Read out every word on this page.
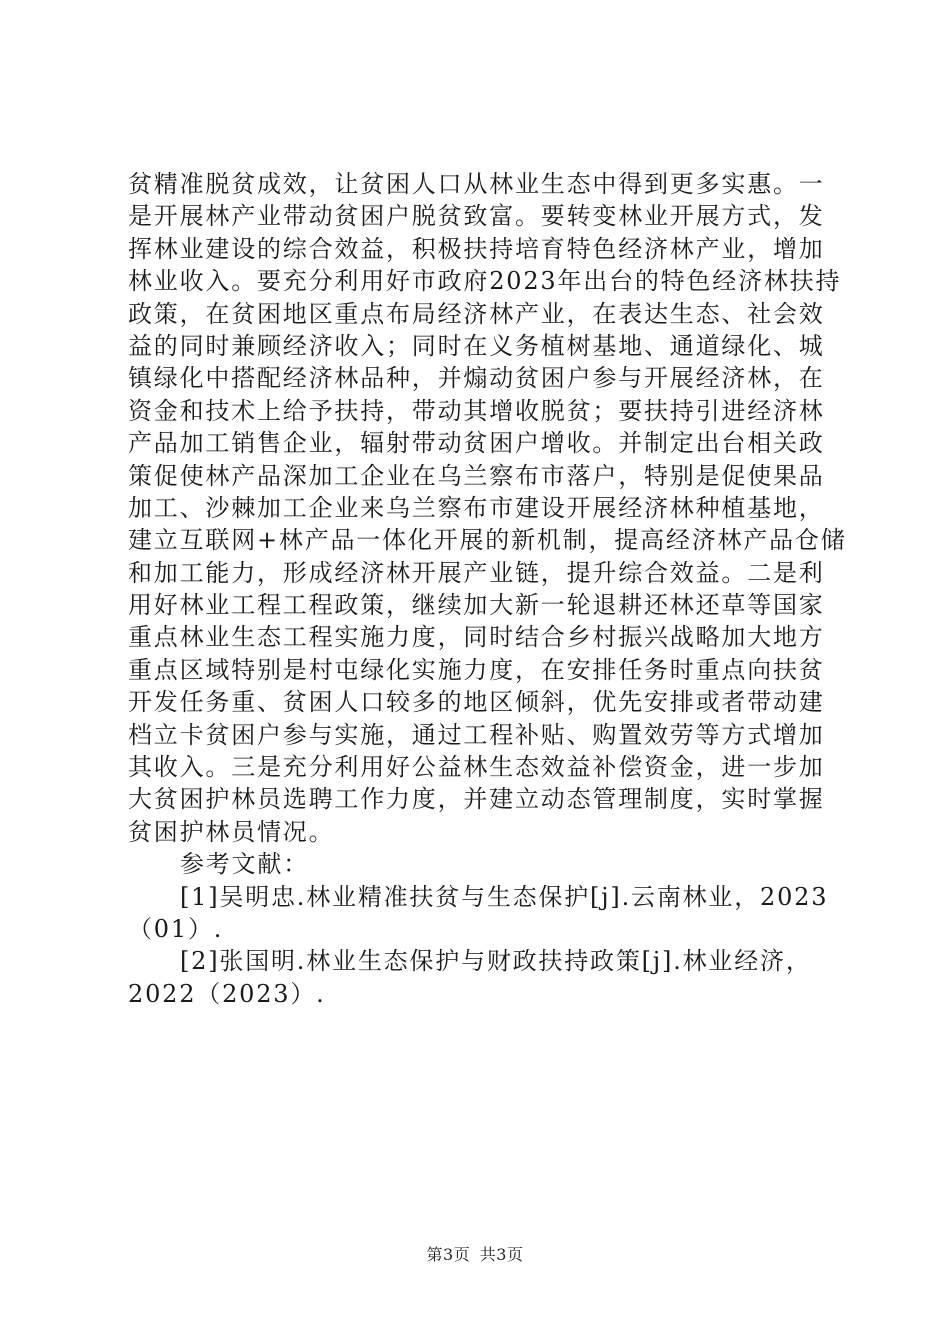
贫精准脱贫成效，让贫困人口从林业生态中得到更多实惠。一
是开展林产业带动贫困户脱贫致富。要转变林业开展方式，发
挥林业建设的综合效益，积极扶持培育特色经济林产业，增加
林业收入。要充分利用好市政府2023年出台的特色经济林扶持
政策，在贫困地区重点布局经济林产业，在表达生态、社会效
益的同时兼顾经济收入；同时在义务植树基地、通道绿化、城
镇绿化中搭配经济林品种，并煽动贫困户参与开展经济林，在
资金和技术上给予扶持，带动其增收脱贫；要扶持引进经济林
产品加工销售企业，辐射带动贫困户增收。并制定出台相关政
策促使林产品深加工企业在乌兰察布市落户，特别是促使果品
加工、沙棘加工企业来乌兰察布市建设开展经济林种植基地，
建立互联网+林产品一体化开展的新机制，提高经济林产品仓储
和加工能力，形成经济林开展产业链，提升综合效益。二是利
用好林业工程工程政策，继续加大新一轮退耕还林还草等国家
重点林业生态工程实施力度，同时结合乡村振兴战略加大地方
重点区域特别是村屯绿化实施力度，在安排任务时重点向扶贫
开发任务重、贫困人口较多的地区倾斜，优先安排或者带动建
档立卡贫困户参与实施，通过工程补贴、购置效劳等方式增加
其收入。三是充分利用好公益林生态效益补偿资金，进一步加
大贫困护林员选聘工作力度，并建立动态管理制度，实时掌握
贫困护林员情况。
参考文献：
[1]吴明忠.林业精准扶贫与生态保护[j].云南林业，2023
（01）.
[2]张国明.林业生态保护与财政扶持政策[j].林业经济，
2022（2023）.
第3页 共3页
